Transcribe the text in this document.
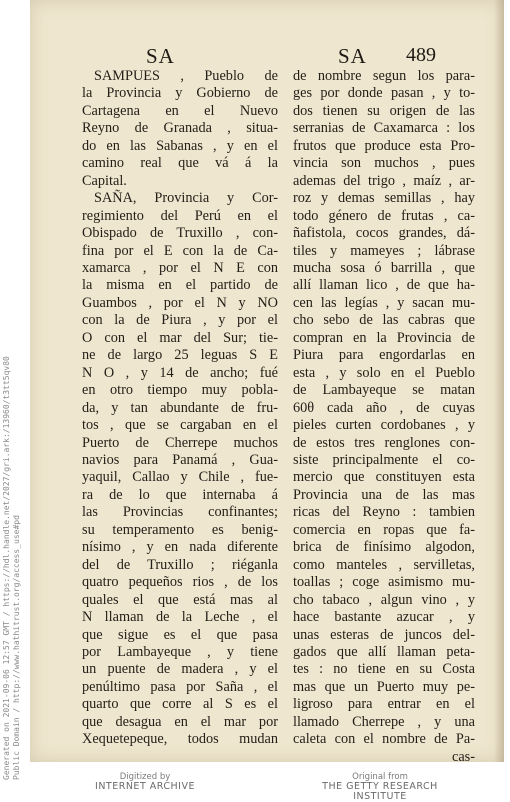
SA	SA 489
SAMPUES , Pueblo de
la Provincia y Gobierno de
Cartagena en el Nuevo
Reyno de Granada , situa-
do en las Sabanas , y en el
camino real que vá á la
Capital.
SAÑA, Provincia y Cor-
regimiento del Perú en el
Obispado de Truxillo , con-
fina por el E con la de Ca-
xamarca , por el N E con
la misma en el partido de
Guambos , por el N y NO
con la de Piura , y por el
O con el mar del Sur; tie-
ne de largo 25 leguas S E
N O , y 14 de ancho; fué
en otro tiempo muy pobla-
da, y tan abundante de fru-
tos , que se cargaban en el
Puerto de Cherrepe muchos
navios para Panamá , Gua-
yaquil, Callao y Chile , fue-
ra de lo que internaba á
las Provincias confinantes;
su temperamento es benig-
nísimo , y en nada diferente
del de Truxillo ; riéganla
quatro pequeños rios , de los
quales el que está mas al
N llaman de la Leche , el
que sigue es el que pasa
por Lambayeque , y tiene
un puente de madera , y el
penúltimo pasa por Saña , el
quarto que corre al S es el
que desagua en el mar por
Xequetepeque, todos mudan
de nombre segun los para-
ges por donde pasan , y to-
dos tienen su origen de las
serranias de Caxamarca : los
frutos que produce esta Pro-
vincia son muchos , pues
ademas del trigo , maíz , ar-
roz y demas semillas , hay
todo género de frutas , ca-
ñafistola, cocos grandes, dá-
tiles y mameyes ; lábrase
mucha sosa ó barrilla , que
allí llaman lico , de que ha-
cen las legías , y sacan mu-
cho sebo de las cabras que
compran en la Provincia de
Piura para engordarlas en
esta , y solo en el Pueblo
de Lambayeque se matan
60θ cada año , de cuyas
pieles curten cordobanes , y
de estos tres renglones con-
siste principalmente el co-
mercio que constituyen esta
Provincia una de las mas
ricas del Reyno : tambien
comercia en ropas que fa-
brica de finísimo algodon,
como manteles , servilletas,
toallas ; coge asimismo mu-
cho tabaco , algun vino , y
hace bastante azucar , y
unas esteras de juncos del-
gados que allí llaman peta-
tes : no tiene en su Costa
mas que un Puerto muy pe-
ligroso para entrar en el
llamado Cherrepe , y una
caleta con el nombre de Pa-
cas-
Generated on 2021-09-06 12:57 GMT / https://hdl.handle.net/2027/gri.ark:/13960/t3tt5qv80 Public Domain / http://www.hathitrust.org/access_use#pd	Digitized by
INTERNET ARCHIVE
Original from
THE GETTY RESEARCH INSTITUTE
